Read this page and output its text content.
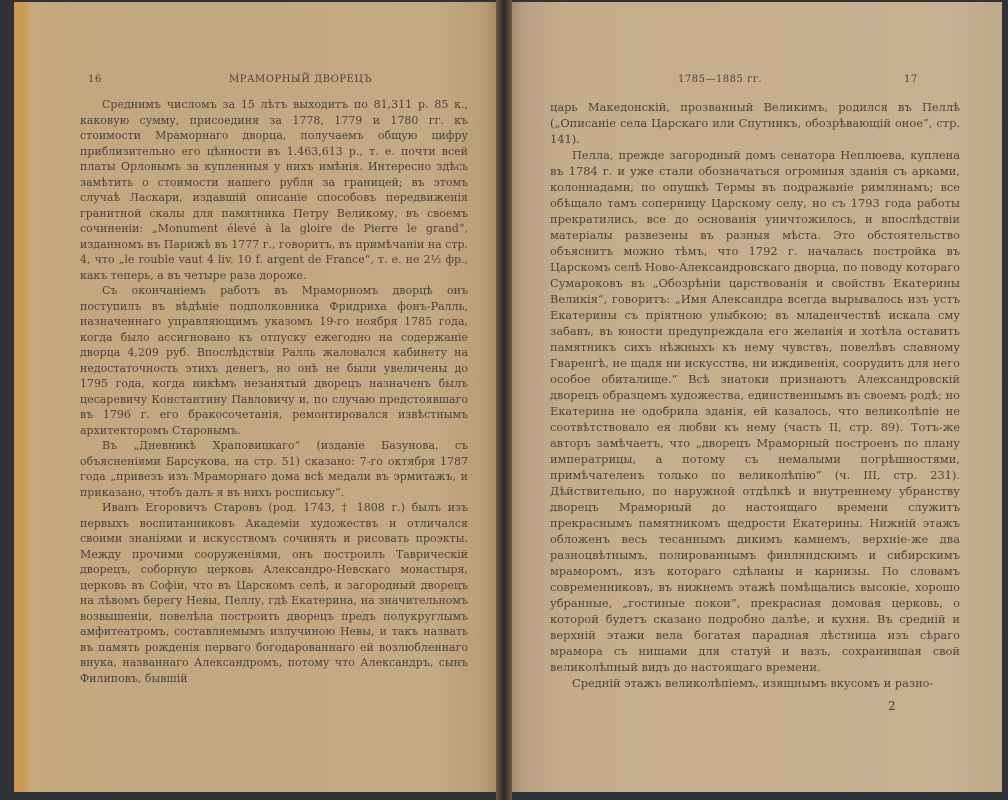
16	МРАМОРНЫЙ ДВОРЕЦЪ

Среднимъ числомъ за 15 лѣтъ выходитъ по 81,311 р. 85 к., каковую сумму, присоединя за 1778, 1779 и 1780 гг. къ стоимости Мраморнаго дворца, получаемъ общую цифру приблизительно его цѣнности въ 1.463,613 р., т. е. почти всей платы Орловымъ за купленныя у нихъ имѣнія. Интересно здѣсь замѣтить о стоимости нашего рубля за границей; въ этомъ случаѣ Ласкари, издавшій описаніе способовъ передвиженія гранитной скалы для памятника Петру Великому, въ своемъ сочиненіи: „Monument élevé à la gloire de Pierre le grand“, изданномъ въ Парижѣ въ 1777 г., говоритъ, въ примѣчаніи на стр. 4, что „le rouble vaut 4 liv. 10 f. argent de France“, т. е. не 2½ фр., какъ теперь, а въ четыре раза дороже.

Съ окончаніемъ работъ въ Мраморномъ дворцѣ онъ поступилъ въ вѣдѣніе подполковника Фридриха фонъ-Ралль, назначеннаго управляющимъ указомъ 19-го ноября 1785 года, когда было ассигновано къ отпуску ежегодно на содержаніе дворца 4,209 руб. Впослѣдствіи Ралль жаловался кабинету на недостаточность этихъ денегъ, но онѣ не были увеличены до 1795 года, когда никѣмъ незанятый дворецъ назначенъ былъ цесаревичу Константину Павловичу и, по случаю предстоявшаго въ 1796 г. его бракосочетанія, ремонтировался извѣстнымъ архитекторомъ Старовымъ.

Въ „Дневникѣ Храповицкаго“ (изданіе Базунова, съ объясненіями Барсукова, на стр. 51) сказано: 7-го октября 1787 года „привезъ изъ Мраморнаго дома всѣ медали въ эрмитажъ, и приказано, чтобъ далъ я въ нихъ роспиську“.

Иванъ Егоровичъ Старовъ (род. 1743, † 1808 г.) былъ изъ первыхъ воспитанниковъ Академіи художествъ и отличался своими знаніями и искусствомъ сочинять и рисовать проэкты. Между прочими сооруженіями, онъ построилъ Таврическій дворецъ, соборную церковь Александро-Невскаго монастыря, церковь въ Софіи, что въ Царскомъ селѣ, и загородный дворецъ на лѣвомъ берегу Невы, Пеллу, гдѣ Екатерина, на значительномъ возвышеніи, повелѣла построить дворецъ предъ полукруглымъ амфитеатромъ, составляемымъ излучиною Невы, и такъ назвать въ память рожденія перваго богодарованнаго ей возлюбленнаго внука, названнаго Александромъ, потому что Александръ, сынъ Филиповъ, бывшій

1785—1885 гг.	17

царь Македонскій, прозванный Великимъ, родился въ Пеллѣ („Описаніе села Царскаго или Спутникъ, обозрѣвающій оное“, стр. 141).

Пелла, прежде загородный домъ сенатора Неплюева, куплена въ 1784 г. и уже стали обозначаться огромныя зданія съ арками, колоннадами, по опушкѣ Термы въ подражаніе римлянамъ; все обѣщало тамъ соперницу Царскому селу, но съ 1793 года работы прекратились, все до основанія уничтожилось, и впослѣдствіи матеріалы развезены въ разныя мѣста. Это обстоятельство объяснитъ можно тѣмъ, что 1792 г. началась постройка въ Царскомъ селѣ Ново-Александровскаго дворца, по поводу котораго Сумароковъ въ „Обозрѣніи царствованія и свойствъ Екатерины Великія“, говоритъ: „Имя Александра всегда вырывалось изъ устъ Екатерины съ пріятною улыбкою; въ младенчествѣ искала сму забавъ, въ юности предупреждала его желанія и хотѣла оставить памятникъ сихъ нѣжныхъ къ нему чувствъ, повелѣвъ славному Гваренгѣ, не щадя ни искусства, ни иждивенія, соорудить для него особое обиталище.“ Всѣ знатоки признаютъ Александровскій дворецъ образцемъ художества, единственнымъ въ своемъ родѣ; но Екатерина не одобрила зданія, ей казалось, что великолѣпіе не соотвѣтствовало ея любви къ нему (часть II, стр. 89). Тотъ-же авторъ замѣчаетъ, что „дворецъ Мраморный построенъ по плану императрицы, а потому съ немалыми погрѣшностями, примѣчателенъ только по великолѣпію“ (ч. III, стр. 231). Дѣйствительно, по наружной отдѣлкѣ и внутреннему убранству дворецъ Мраморный до настоящаго времени служитъ прекраснымъ памятникомъ щедрости Екатерины. Нижній этажъ обложенъ весь тесаннымъ дикимъ камнемъ, верхніе-же два разноцвѣтнымъ, полированнымъ финляндскимъ и сибирскимъ мраморомъ, изъ котораго сдѣланы и карнизы. По словамъ современниковъ, въ нижнемъ этажѣ помѣщались высокіе, хорошо убранные, „гостиные покои“, прекрасная домовая церковь, о которой будетъ сказано подробно далѣе, и кухня. Въ средній и верхній этажи вела богатая парадная лѣстница изъ сѣраго мрамора съ нишами для статуй и вазъ, сохранившая свой великолѣпный видъ до настоящаго времени.

Средній этажъ великолѣпіемъ, изящнымъ вкусомъ и разно-

2
